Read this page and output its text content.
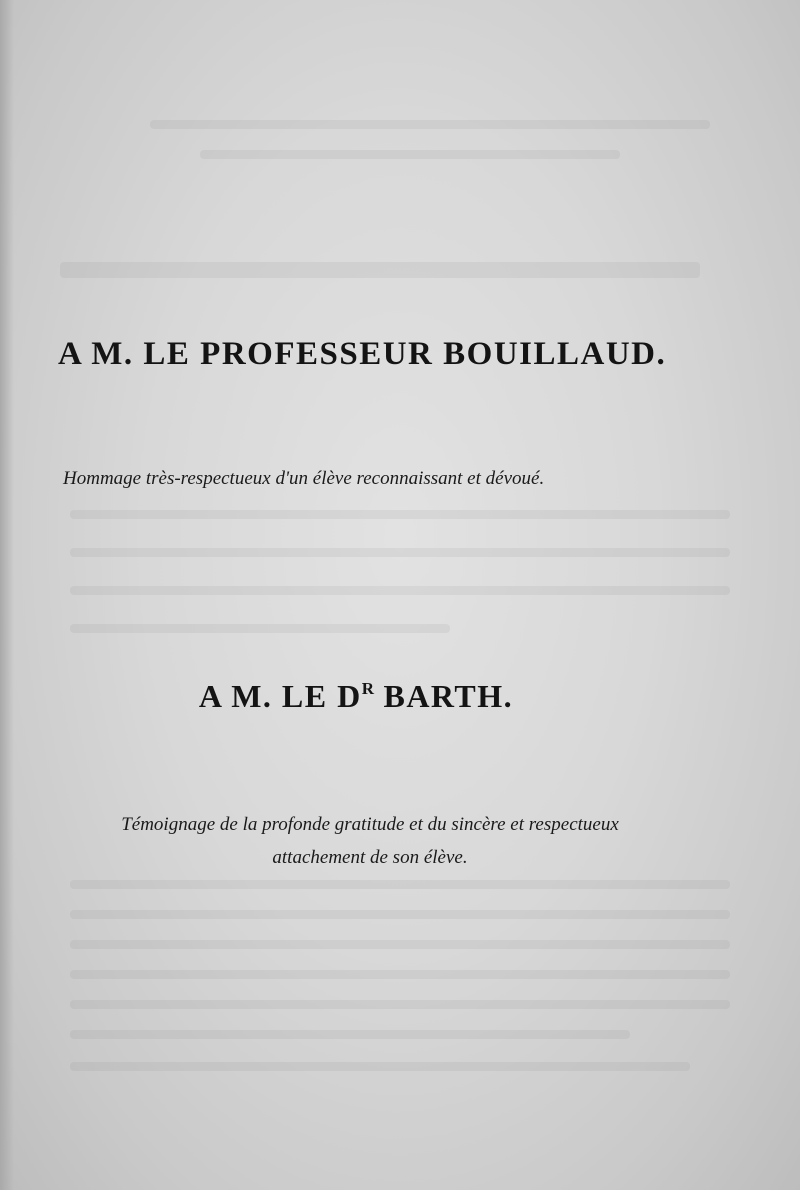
A M. LE PROFESSEUR BOUILLAUD.
Hommage très-respectueux d'un élève reconnaissant et dévoué.
A M. LE $D^R$ BARTH.
Témoignage de la profonde gratitude et du sincère et respectueux
attachement de son élève.
